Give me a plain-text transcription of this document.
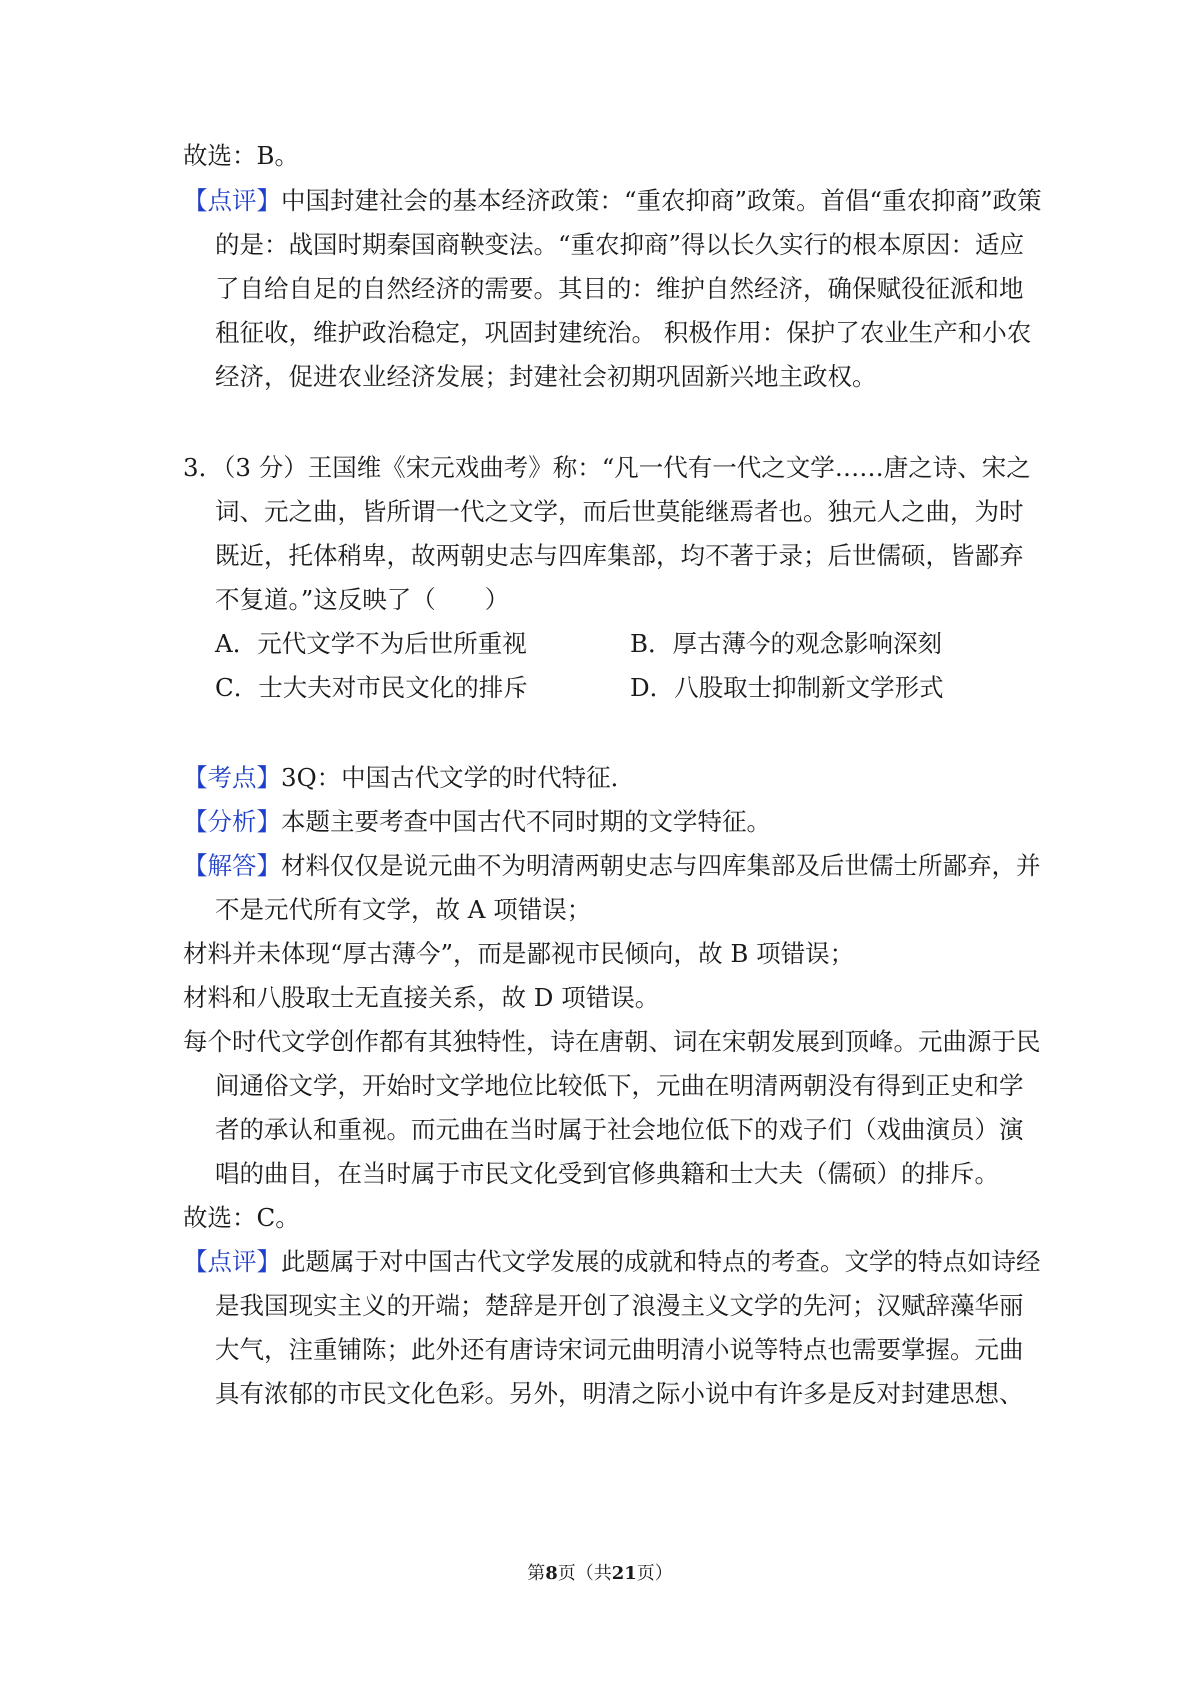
故选：B。
【点评】中国封建社会的基本经济政策：“重农抑商”政策。首倡“重农抑商”政策
的是：战国时期秦国商鞅变法。“重农抑商”得以长久实行的根本原因：适应
了自给自足的自然经济的需要。其目的：维护自然经济，确保赋役征派和地
租征收，维护政治稳定，巩固封建统治。 积极作用：保护了农业生产和小农
经济，促进农业经济发展；封建社会初期巩固新兴地主政权。
3．（3 分）王国维《宋元戏曲考》称：“凡一代有一代之文学……唐之诗、宋之
词、元之曲，皆所谓一代之文学，而后世莫能继焉者也。独元人之曲，为时
既近，托体稍卑，故两朝史志与四库集部，均不著于录；后世儒硕，皆鄙弃
不复道。”这反映了（　　）
A．元代文学不为后世所重视	B．厚古薄今的观念影响深刻
C．士大夫对市民文化的排斥	D．八股取士抑制新文学形式
【考点】3Q：中国古代文学的时代特征．
【分析】本题主要考查中国古代不同时期的文学特征。
【解答】材料仅仅是说元曲不为明清两朝史志与四库集部及后世儒士所鄙弃，并
不是元代所有文学，故 A 项错误；
材料并未体现“厚古薄今”，而是鄙视市民倾向，故 B 项错误；
材料和八股取士无直接关系，故 D 项错误。
每个时代文学创作都有其独特性，诗在唐朝、词在宋朝发展到顶峰。元曲源于民
间通俗文学，开始时文学地位比较低下，元曲在明清两朝没有得到正史和学
者的承认和重视。而元曲在当时属于社会地位低下的戏子们（戏曲演员）演
唱的曲目，在当时属于市民文化受到官修典籍和士大夫（儒硕）的排斥。
故选：C。
【点评】此题属于对中国古代文学发展的成就和特点的考查。文学的特点如诗经
是我国现实主义的开端；楚辞是开创了浪漫主义文学的先河；汉赋辞藻华丽
大气，注重铺陈；此外还有唐诗宋词元曲明清小说等特点也需要掌握。元曲
具有浓郁的市民文化色彩。另外，明清之际小说中有许多是反对封建思想、
第8页（共21页）
